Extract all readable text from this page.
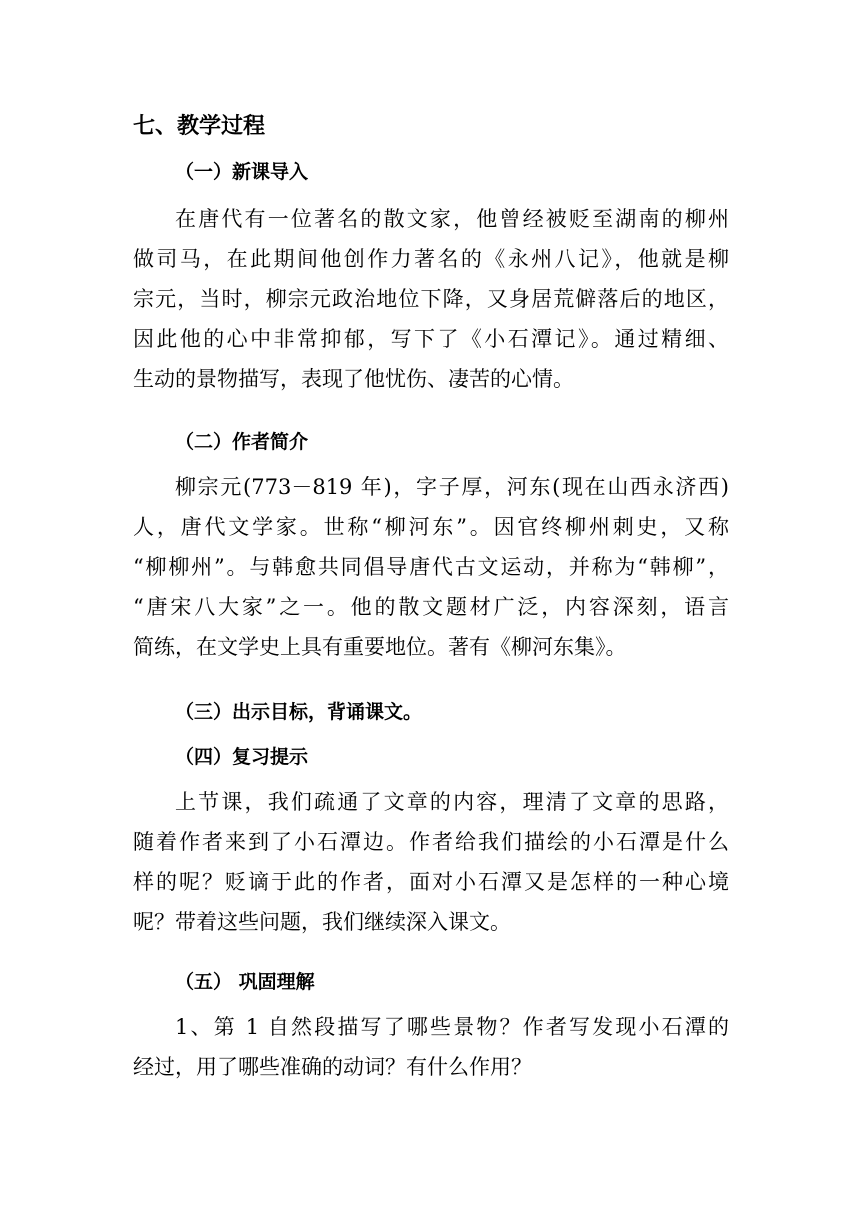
七、教学过程
（一）新课导入
在唐代有一位著名的散文家，他曾经被贬至湖南的柳州
做司马，在此期间他创作力著名的《永州八记》，他就是柳
宗元，当时，柳宗元政治地位下降，又身居荒僻落后的地区，
因此他的心中非常抑郁，写下了《小石潭记》。通过精细、
生动的景物描写，表现了他忧伤、凄苦的心情。
（二）作者简介
柳宗元(773－819 年)，字子厚，河东(现在山西永济西)
人，唐代文学家。世称“柳河东”。因官终柳州刺史，又称
“柳柳州”。与韩愈共同倡导唐代古文运动，并称为“韩柳”，
“唐宋八大家”之一。他的散文题材广泛，内容深刻，语言
简练，在文学史上具有重要地位。著有《柳河东集》。
（三）出示目标，背诵课文。
（四）复习提示
上节课，我们疏通了文章的内容，理清了文章的思路，
随着作者来到了小石潭边。作者给我们描绘的小石潭是什么
样的呢？贬谪于此的作者，面对小石潭又是怎样的一种心境
呢？带着这些问题，我们继续深入课文。
（五） 巩固理解
1、第 1 自然段描写了哪些景物？作者写发现小石潭的
经过，用了哪些准确的动词？有什么作用？
